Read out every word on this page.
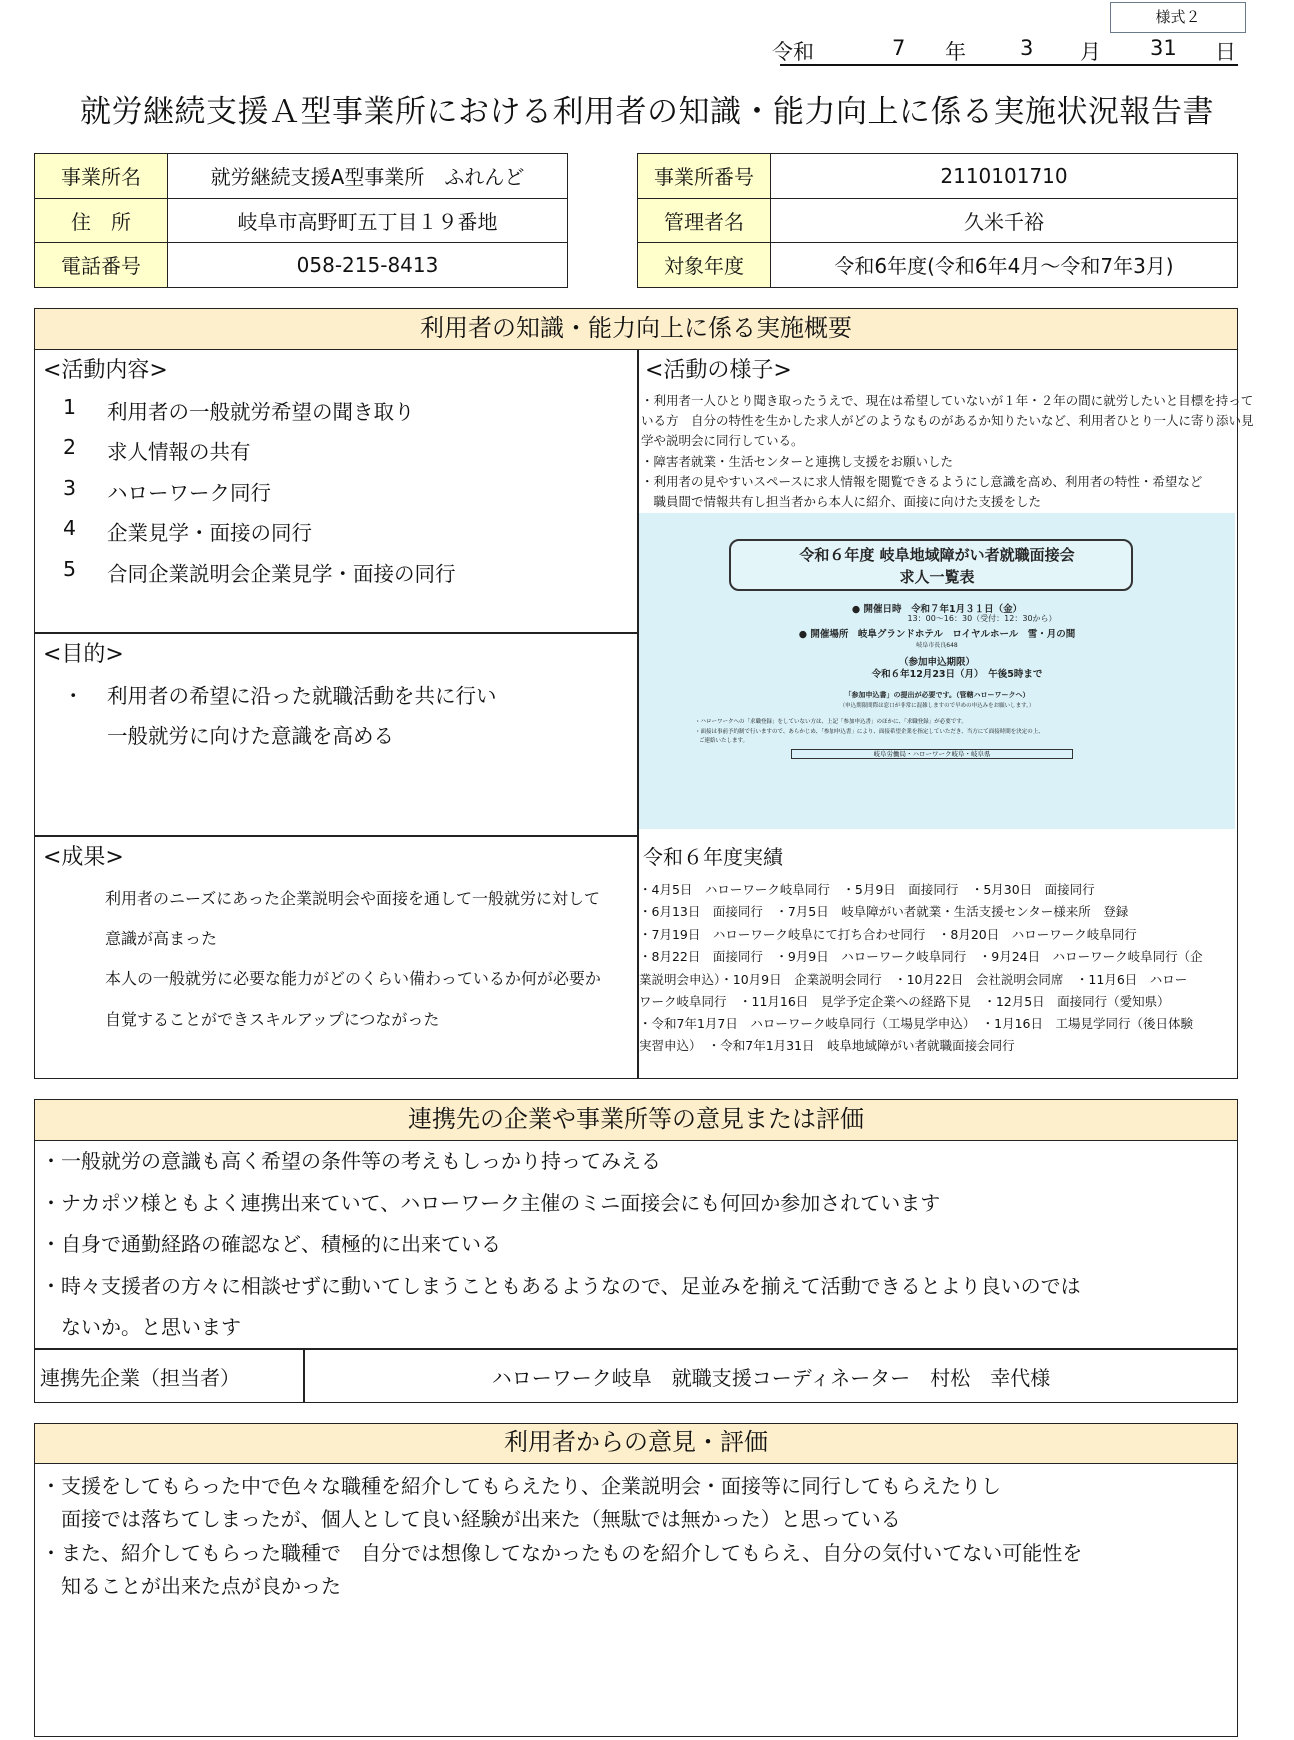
様式２
令和	7 年	3 月 31 日
就労継続支援Ａ型事業所における利用者の知識・能力向上に係る実施状況報告書
事業所名	就労継続支援A型事業所　ふれんど
住　所	岐阜市高野町五丁目１９番地
電話番号	058-215-8413
事業所番号	2110101710
管理者名	久米千裕
対象年度	令和6年度(令和6年4月～令和7年3月)
利用者の知識・能力向上に係る実施概要
<活動内容>
1 利用者の一般就労希望の聞き取り
2 求人情報の共有
3 ハローワーク同行
4 企業見学・面接の同行
5 合同企業説明会企業見学・面接の同行
<目的>
・ 利用者の希望に沿った就職活動を共に行い
一般就労に向けた意識を高める
<成果>
利用者のニーズにあった企業説明会や面接を通して一般就労に対して
意識が高まった
本人の一般就労に必要な能力がどのくらい備わっているか何が必要か
自覚することができスキルアップにつながった
<活動の様子>
・利用者一人ひとり聞き取ったうえで、現在は希望していないが１年・２年の間に就労したいと目標を持って
いる方　自分の特性を生かした求人がどのようなものがあるか知りたいなど、利用者ひとり一人に寄り添い見
学や説明会に同行している。
・障害者就業・生活センターと連携し支援をお願いした
・利用者の見やすいスペースに求人情報を閲覧できるようにし意識を高め、利用者の特性・希望など
　職員間で情報共有し担当者から本人に紹介、面接に向けた支援をした
令和６年度 岐阜地域障がい者就職面接会
求人一覧表
● 開催日時　令和７年1月３１日（金）
13：00～16：30（受付：12：30から）
● 開催場所　岐阜グランドホテル　ロイヤルホール　雪・月の間
岐阜市長良648
（参加申込期限）
令和６年12月23日（月）　午後5時まで
「参加申込書」の提出が必要です。（管轄ハローワークへ）
（申込期限間際は窓口が非常に混雑しますので早めの申込みをお願いします。）
・ハローワークへの「求職登録」をしていない方は、上記「参加申込書」のほかに、「求職登録」が必要です。
・面接は事前予約制で行いますので、あらかじめ、「参加申込書」により、面接希望企業を指定していただき、当方にて面接時間を決定の上、
ご連絡いたします。
岐阜労働局・ハローワーク岐阜・岐阜県
令和６年度実績
・4月5日　ハローワーク岐阜同行　・5月9日　面接同行　・5月30日　面接同行
・6月13日　面接同行　・7月5日　岐阜障がい者就業・生活支援センター様来所　登録
・7月19日　ハローワーク岐阜にて打ち合わせ同行　・8月20日　ハローワーク岐阜同行
・8月22日　面接同行　・9月9日　ハローワーク岐阜同行　・9月24日　ハローワーク岐阜同行（企
業説明会申込）・10月9日　企業説明会同行　・10月22日　会社説明会同席　・11月6日　ハロー
ワーク岐阜同行　・11月16日　見学予定企業への経路下見　・12月5日　面接同行（愛知県）
・令和7年1月7日　ハローワーク岐阜同行（工場見学申込）　・1月16日　工場見学同行（後日体験
実習申込）　・令和7年1月31日　岐阜地域障がい者就職面接会同行
連携先の企業や事業所等の意見または評価
・一般就労の意識も高く希望の条件等の考えもしっかり持ってみえる
・ナカポツ様ともよく連携出来ていて、ハローワーク主催のミニ面接会にも何回か参加されています
・自身で通勤経路の確認など、積極的に出来ている
・時々支援者の方々に相談せずに動いてしまうこともあるようなので、足並みを揃えて活動できるとより良いのでは
　ないか。と思います
連携先企業（担当者）	ハローワーク岐阜　就職支援コーディネーター　村松　幸代様
利用者からの意見・評価
・支援をしてもらった中で色々な職種を紹介してもらえたり、企業説明会・面接等に同行してもらえたりし
　面接では落ちてしまったが、個人として良い経験が出来た（無駄では無かった）と思っている
・また、紹介してもらった職種で　自分では想像してなかったものを紹介してもらえ、自分の気付いてない可能性を
　知ることが出来た点が良かった
